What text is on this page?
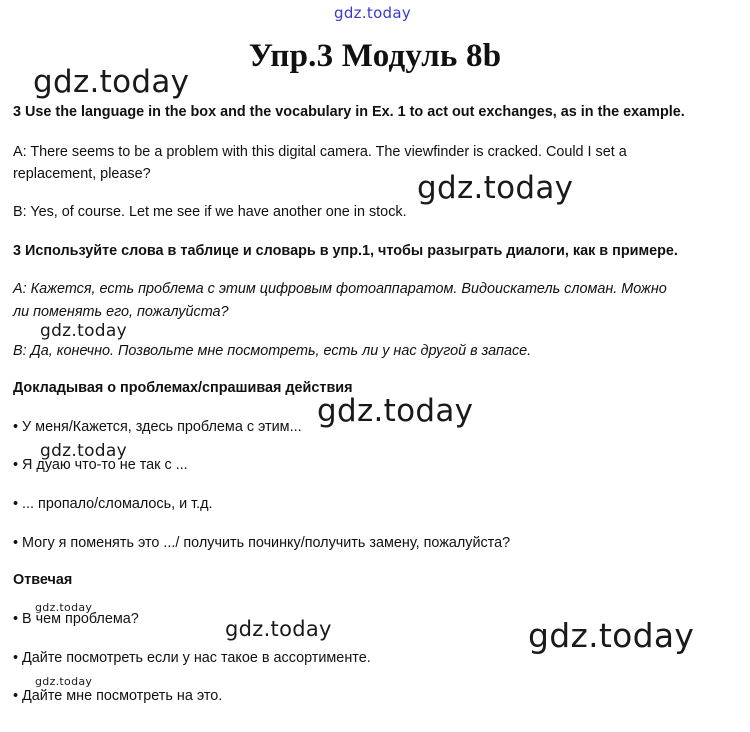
gdz.today
gdz.today
gdz.today
gdz.today
gdz.today
gdz.today
gdz.today
gdz.today	gdz.today
gdz.today
Упр.3 Модуль 8b
3 Use the language in the box and the vocabulary in Ex. 1 to act out exchanges, as in the example.
A: There seems to be a problem with this digital camera. The viewfinder is cracked. Could I set a
replacement, please?
B: Yes, of course. Let me see if we have another one in stock.
3 Используйте слова в таблице и словарь в упр.1, чтобы разыграть диалоги, как в примере.
A: Кажется, есть проблема с этим цифровым фотоаппаратом. Видоискатель сломан. Можно
ли поменять его, пожалуйста?
B: Да, конечно. Позвольте мне посмотреть, есть ли у нас другой в запасе.
Докладывая о проблемах/спрашивая действия
• У меня/Кажется, здесь проблема с этим...
• Я дуаю что-то не так с ...
• ... пропало/сломалось, и т.д.
• Могу я поменять это .../ получить починку/получить замену, пожалуйста?
Отвечая
• В чем проблема?
• Дайте посмотреть если у нас такое в ассортименте.
• Дайте мне посмотреть на это.
